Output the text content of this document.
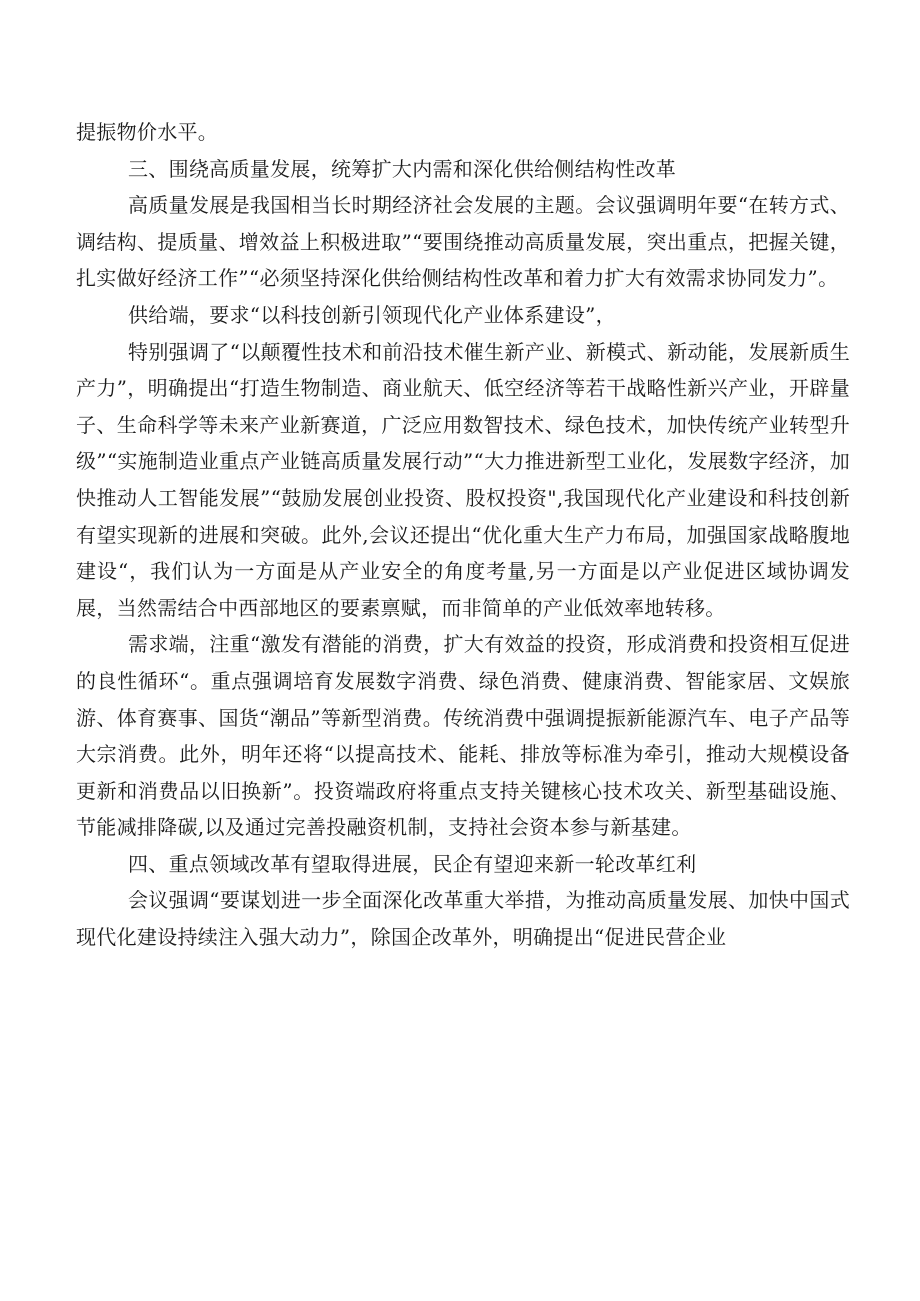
提振物价水平。

三、围绕高质量发展，统筹扩大内需和深化供给侧结构性改革

高质量发展是我国相当长时期经济社会发展的主题。会议强调明年要“在转方式、调结构、提质量、增效益上积极进取”“要围绕推动高质量发展，突出重点，把握关键，扎实做好经济工作”“必须坚持深化供给侧结构性改革和着力扩大有效需求协同发力”。

供给端，要求“以科技创新引领现代化产业体系建设”，

特别强调了“以颠覆性技术和前沿技术催生新产业、新模式、新动能，发展新质生产力”，明确提出“打造生物制造、商业航天、低空经济等若干战略性新兴产业，开辟量子、生命科学等未来产业新赛道，广泛应用数智技术、绿色技术，加快传统产业转型升级”“实施制造业重点产业链高质量发展行动”“大力推进新型工业化，发展数字经济，加快推动人工智能发展”“鼓励发展创业投资、股权投资",我国现代化产业建设和科技创新有望实现新的进展和突破。此外,会议还提出“优化重大生产力布局，加强国家战略腹地建设“，我们认为一方面是从产业安全的角度考量,另一方面是以产业促进区域协调发展，当然需结合中西部地区的要素禀赋，而非简单的产业低效率地转移。

需求端，注重“激发有潜能的消费，扩大有效益的投资，形成消费和投资相互促进的良性循环“。重点强调培育发展数字消费、绿色消费、健康消费、智能家居、文娱旅游、体育赛事、国货“潮品”等新型消费。传统消费中强调提振新能源汽车、电子产品等大宗消费。此外，明年还将“以提高技术、能耗、排放等标准为牵引，推动大规模设备更新和消费品以旧换新”。投资端政府将重点支持关键核心技术攻关、新型基础设施、节能减排降碳,以及通过完善投融资机制，支持社会资本参与新基建。

四、重点领域改革有望取得进展，民企有望迎来新一轮改革红利

会议强调“要谋划进一步全面深化改革重大举措，为推动高质量发展、加快中国式现代化建设持续注入强大动力”，除国企改革外，明确提出“促进民营企业
